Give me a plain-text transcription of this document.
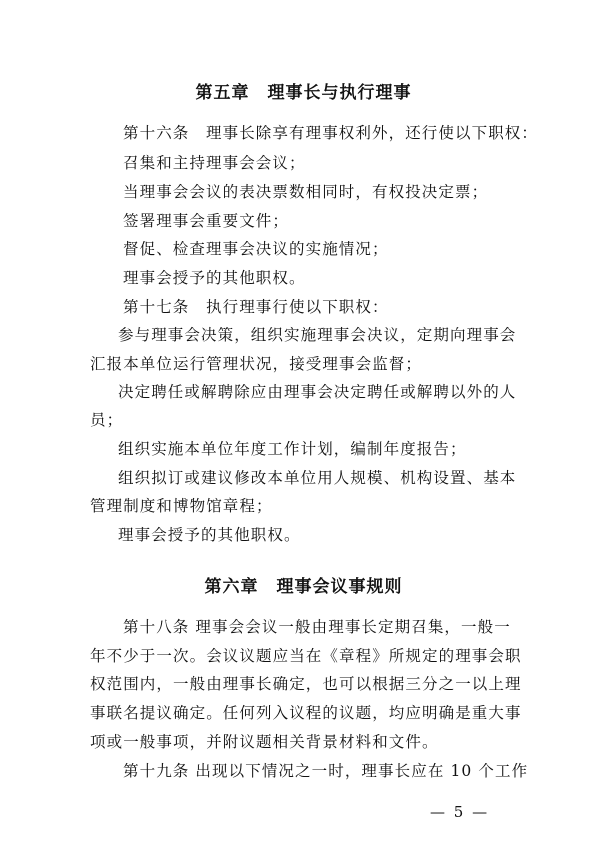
第五章　理事长与执行理事
第十六条　理事长除享有理事权利外，还行使以下职权：
召集和主持理事会会议；
当理事会会议的表决票数相同时，有权投决定票；
签署理事会重要文件；
督促、检查理事会决议的实施情况；
理事会授予的其他职权。
第十七条　执行理事行使以下职权：
参与理事会决策，组织实施理事会决议，定期向理事会
汇报本单位运行管理状况，接受理事会监督；
决定聘任或解聘除应由理事会决定聘任或解聘以外的人
员；
组织实施本单位年度工作计划，编制年度报告；
组织拟订或建议修改本单位用人规模、机构设置、基本
管理制度和博物馆章程；
理事会授予的其他职权。
第六章　理事会议事规则
第十八条 理事会会议一般由理事长定期召集，一般一
年不少于一次。会议议题应当在《章程》所规定的理事会职
权范围内，一般由理事长确定，也可以根据三分之一以上理
事联名提议确定。任何列入议程的议题，均应明确是重大事
项或一般事项，并附议题相关背景材料和文件。
第十九条 出现以下情况之一时，理事长应在 10 个工作
— 5 —
